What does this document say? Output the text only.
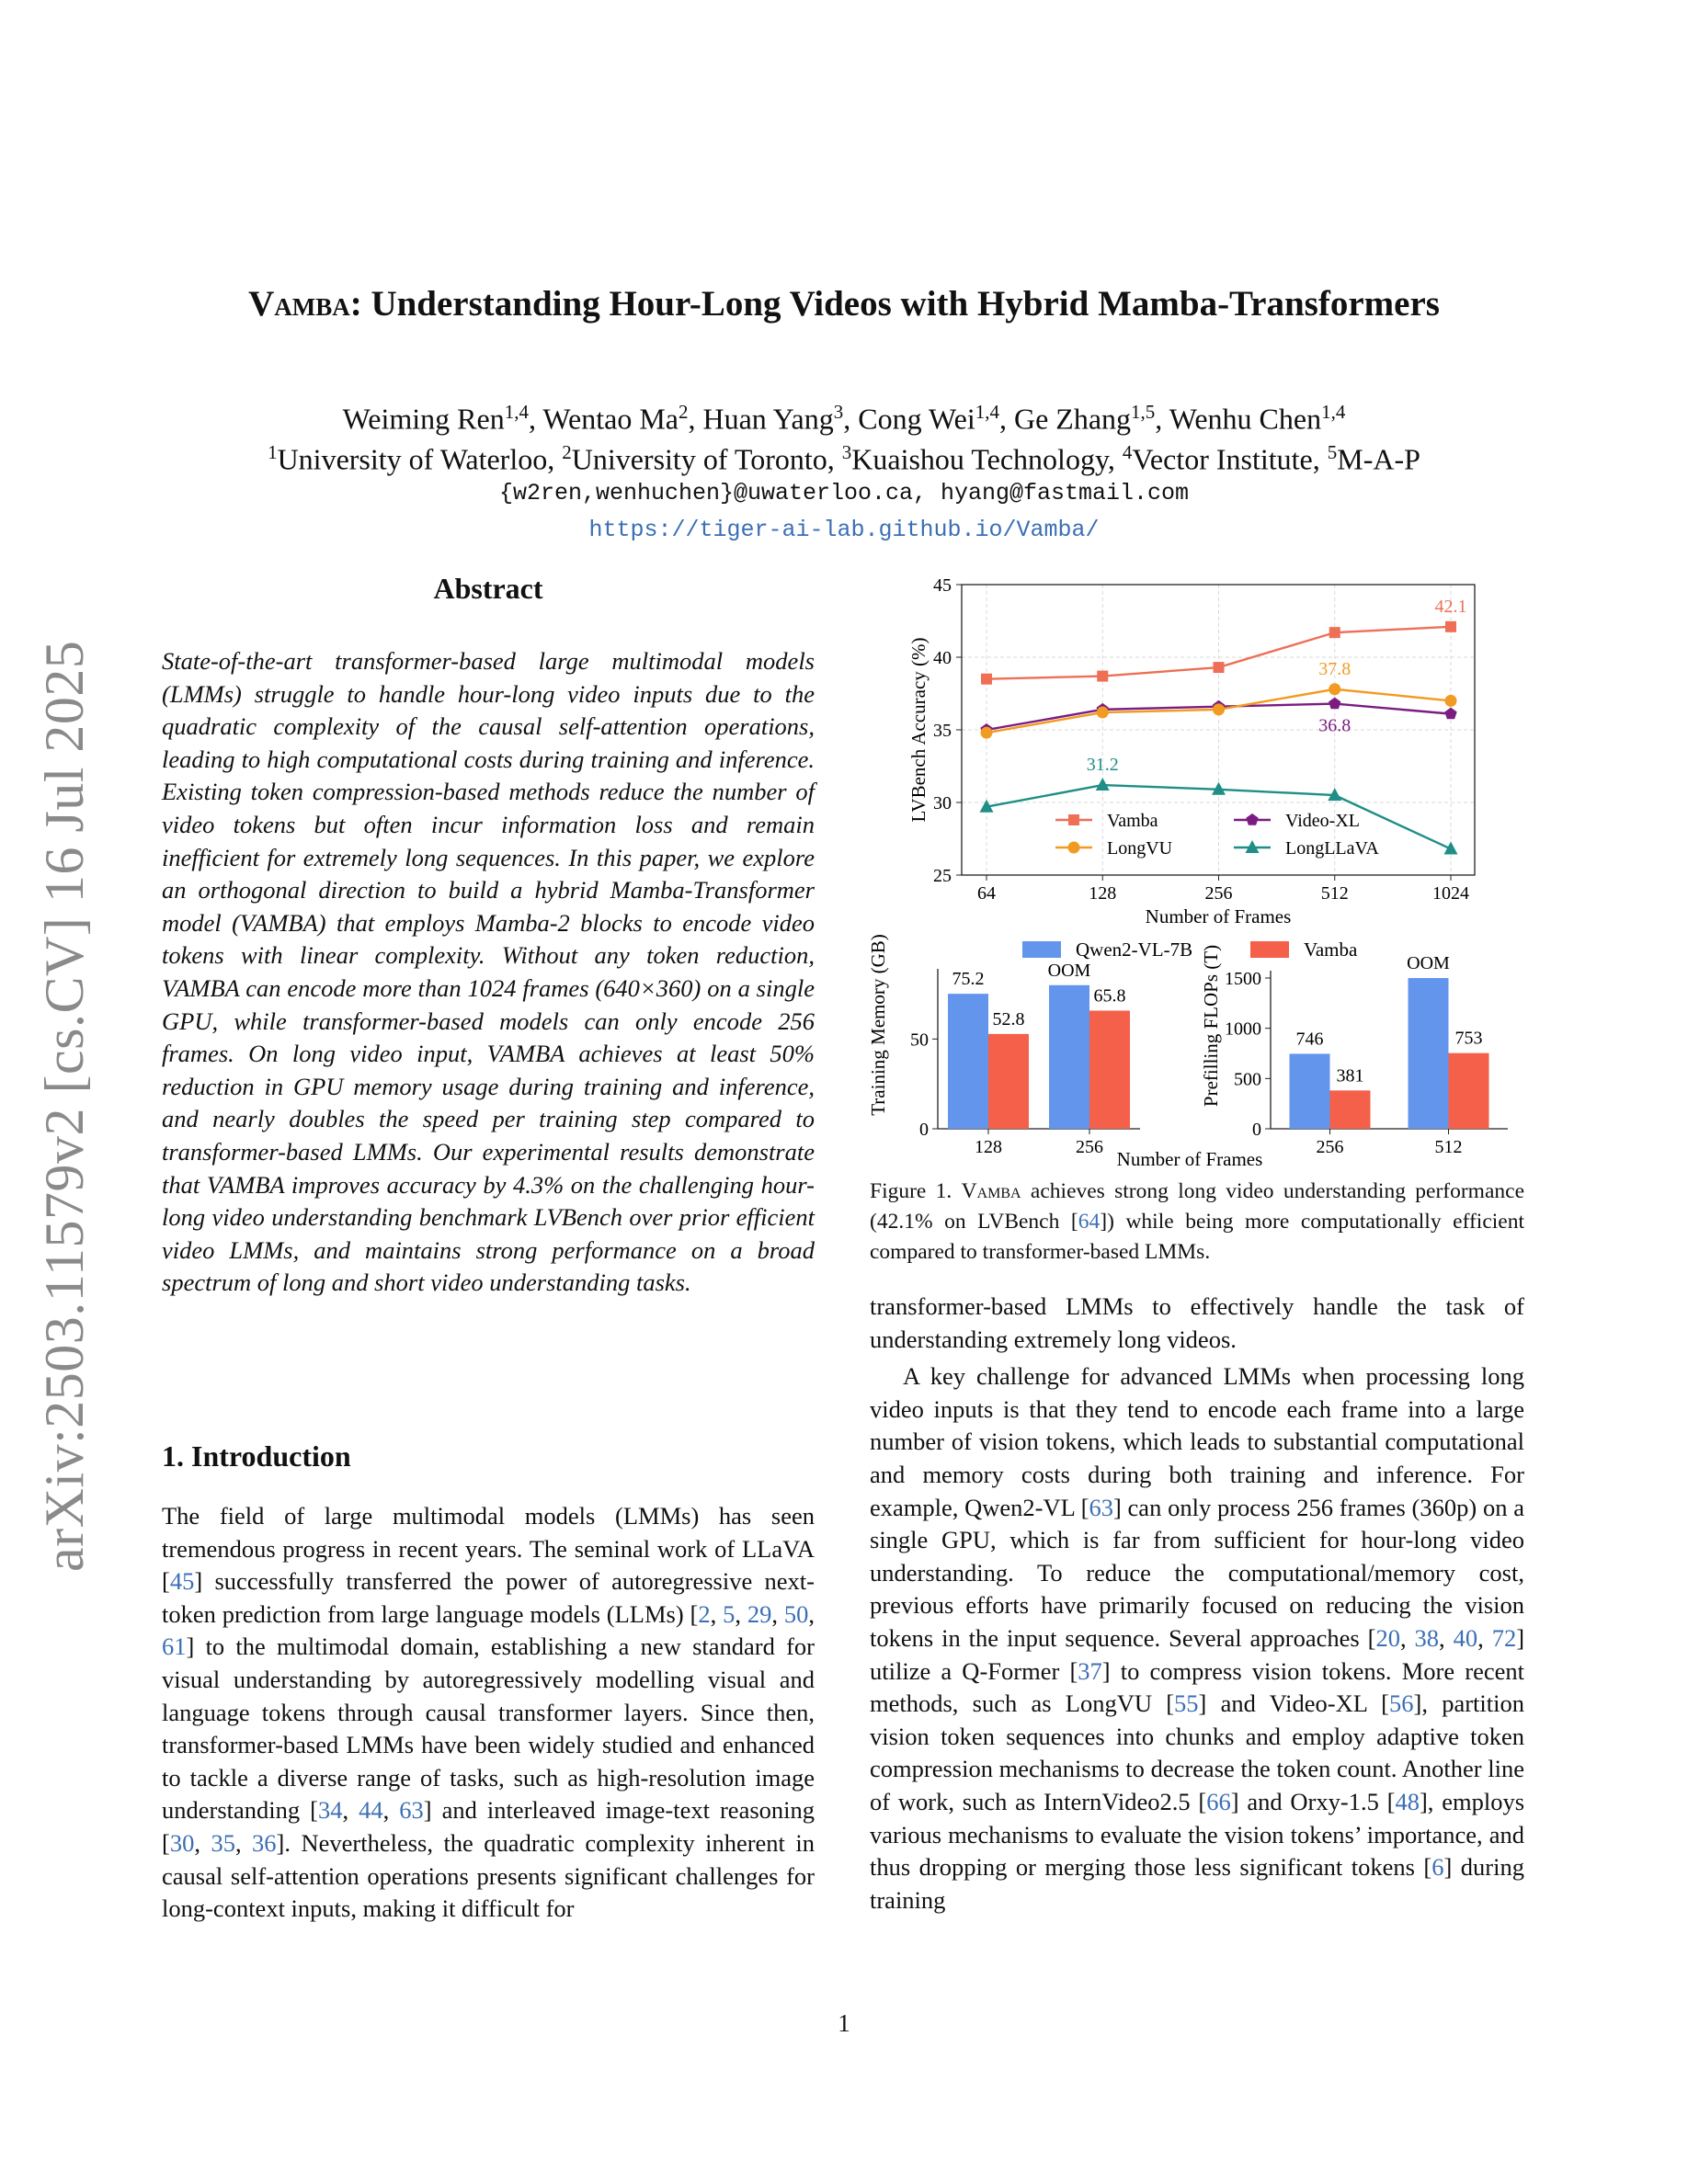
arXiv:2503.11579v2 [cs.CV] 16 Jul 2025
Vamba: Understanding Hour-Long Videos with Hybrid Mamba-Transformers
Weiming Ren$^{1,4}$, Wentao Ma$^2$, Huan Yang$^3$, Cong Wei$^{1,4}$, Ge Zhang$^{1,5}$, Wenhu Chen$^{1,4}$
$^1$University of Waterloo, $^2$University of Toronto, $^3$Kuaishou Technology, $^4$Vector Institute, $^5$M-A-P
{w2ren,wenhuchen}@uwaterloo.ca, hyang@fastmail.com
https://tiger-ai-lab.github.io/Vamba/
Abstract
State-of-the-art transformer-based large multimodal models (LMMs) struggle to handle hour-long video inputs due to the quadratic complexity of the causal self-attention operations, leading to high computational costs during training and inference. Existing token compression-based methods reduce the number of video tokens but often incur information loss and remain inefficient for extremely long sequences. In this paper, we explore an orthogonal direction to build a hybrid Mamba-Transformer model (VAMBA) that employs Mamba-2 blocks to encode video tokens with linear complexity. Without any token reduction, VAMBA can encode more than 1024 frames (640×360) on a single GPU, while transformer-based models can only encode 256 frames. On long video input, VAMBA achieves at least 50% reduction in GPU memory usage during training and inference, and nearly doubles the speed per training step compared to transformer-based LMMs. Our experimental results demonstrate that VAMBA improves accuracy by 4.3% on the challenging hour-long video understanding benchmark LVBench over prior efficient video LMMs, and maintains strong performance on a broad spectrum of long and short video understanding tasks.
1. Introduction
The field of large multimodal models (LMMs) has seen tremendous progress in recent years. The seminal work of LLaVA [45] successfully transferred the power of autoregressive next-token prediction from large language models (LLMs) [2, 5, 29, 50, 61] to the multimodal domain, establishing a new standard for visual understanding by autoregressively modelling visual and language tokens through causal transformer layers. Since then, transformer-based LMMs have been widely studied and enhanced to tackle a diverse range of tasks, such as high-resolution image understanding [34, 44, 63] and interleaved image-text reasoning [30, 35, 36]. Nevertheless, the quadratic complexity inherent in causal self-attention operations presents significant challenges for long-context inputs, making it difficult for
25
30
35
40
45
64	128	256	512	1024
Number of Frames
LVBench Accuracy (%)
42.1
36.8
37.8
31.2
Vamba	Video-XL
LongVU	LongLLaVA
0
50
128
75.2
52.8
256
OOM
65.8
Training Memory (GB)
0
500
1000
1500
256
746
381
512
OOM
753
Prefilling FLOPs (T)
Qwen2-VL-7B	Vamba
Number of Frames
Figure 1. Vamba achieves strong long video understanding performance (42.1% on LVBench [64]) while being more computationally efficient compared to transformer-based LMMs.

transformer-based LMMs to effectively handle the task of understanding extremely long videos.

A key challenge for advanced LMMs when processing long video inputs is that they tend to encode each frame into a large number of vision tokens, which leads to substantial computational and memory costs during both training and inference. For example, Qwen2-VL [63] can only process 256 frames (360p) on a single GPU, which is far from sufficient for hour-long video understanding. To reduce the computational/memory cost, previous efforts have primarily focused on reducing the vision tokens in the input sequence. Several approaches [20, 38, 40, 72] utilize a Q-Former [37] to compress vision tokens. More recent methods, such as LongVU [55] and Video-XL [56], partition vision token sequences into chunks and employ adaptive token compression mechanisms to decrease the token count. Another line of work, such as InternVideo2.5 [66] and Orxy-1.5 [48], employs various mechanisms to evaluate the vision tokens’ importance, and thus dropping or merging those less significant tokens [6] during training

1
